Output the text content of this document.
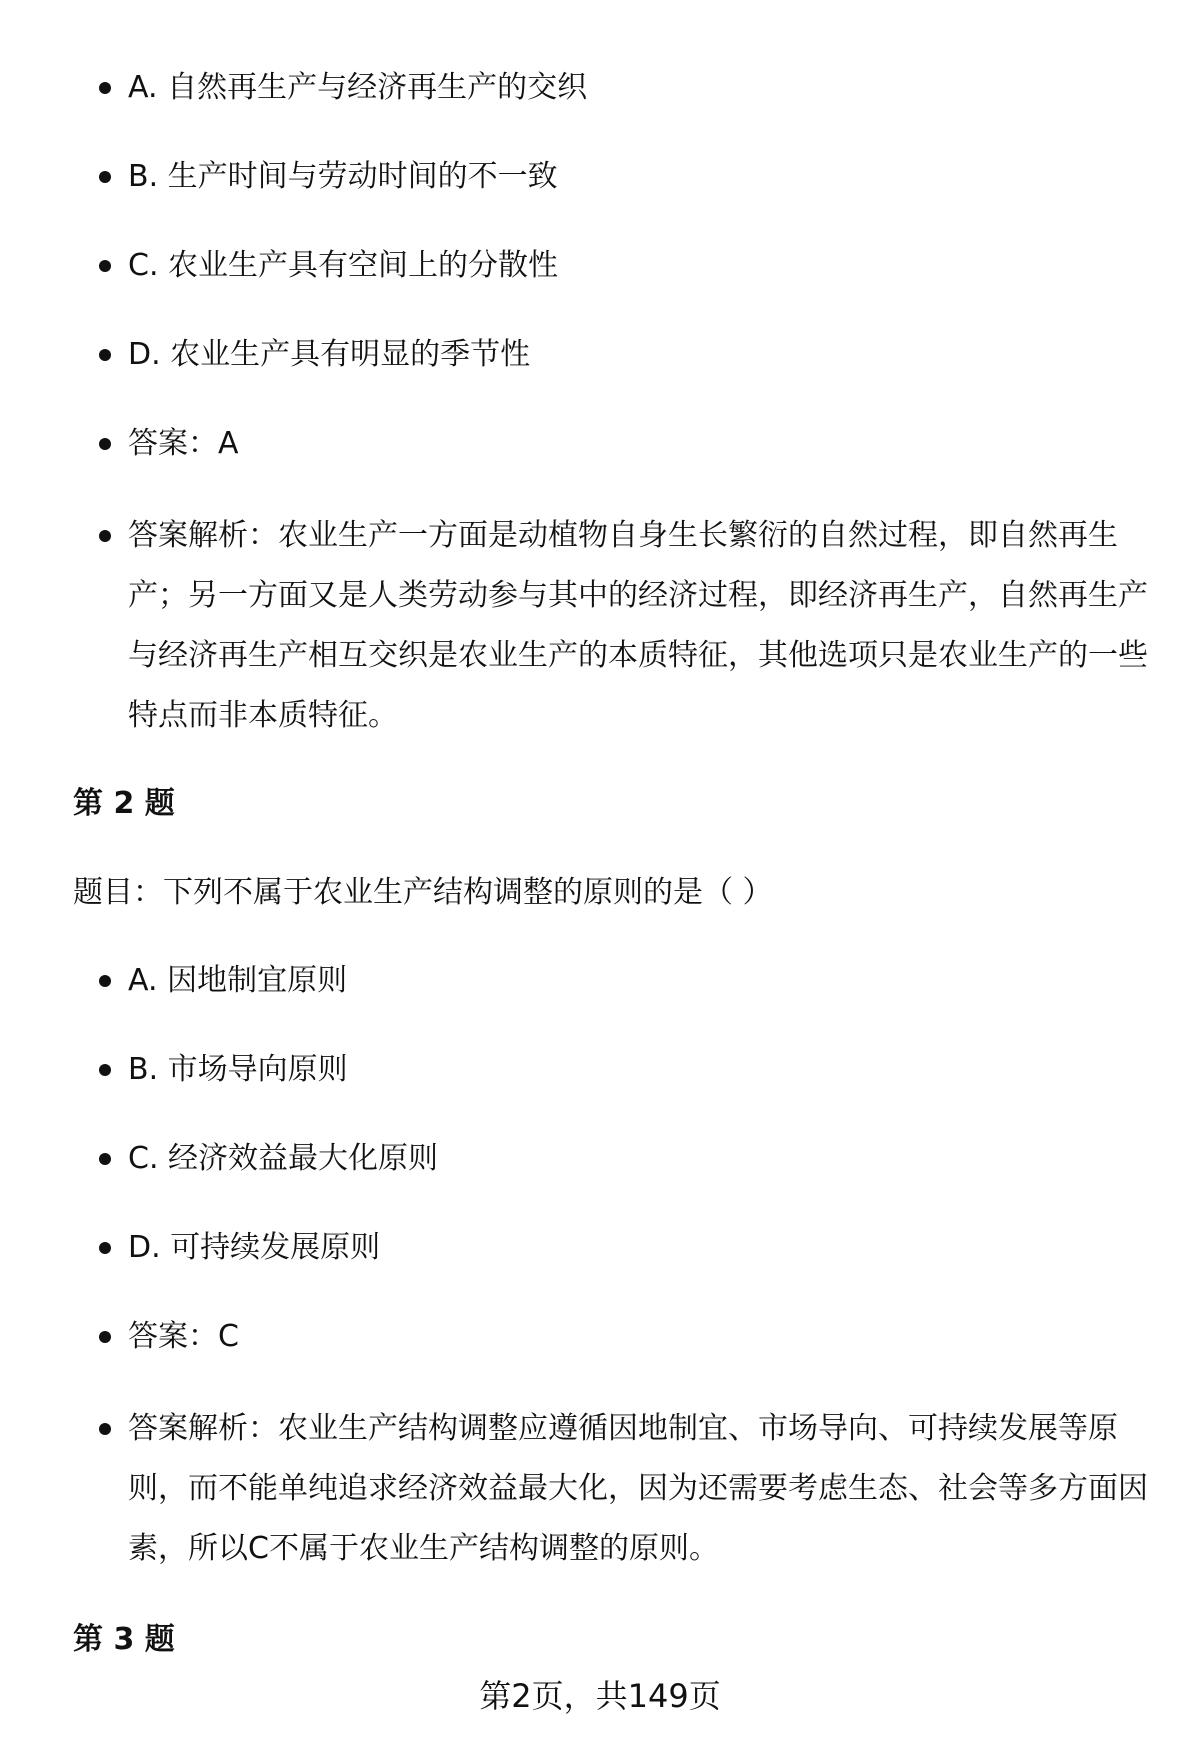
A. 自然再生产与经济再生产的交织
B. 生产时间与劳动时间的不一致
C. 农业生产具有空间上的分散性
D. 农业生产具有明显的季节性
答案：A
答案解析：农业生产一方面是动植物自身生长繁衍的自然过程，即自然再生产；另一方面又是人类劳动参与其中的经济过程，即经济再生产，自然再生产与经济再生产相互交织是农业生产的本质特征，其他选项只是农业生产的一些特点而非本质特征。
第 2 题
题目：下列不属于农业生产结构调整的原则的是（ ）
A. 因地制宜原则
B. 市场导向原则
C. 经济效益最大化原则
D. 可持续发展原则
答案：C
答案解析：农业生产结构调整应遵循因地制宜、市场导向、可持续发展等原则，而不能单纯追求经济效益最大化，因为还需要考虑生态、社会等多方面因素，所以C不属于农业生产结构调整的原则。
第 3 题
第2页，共149页
